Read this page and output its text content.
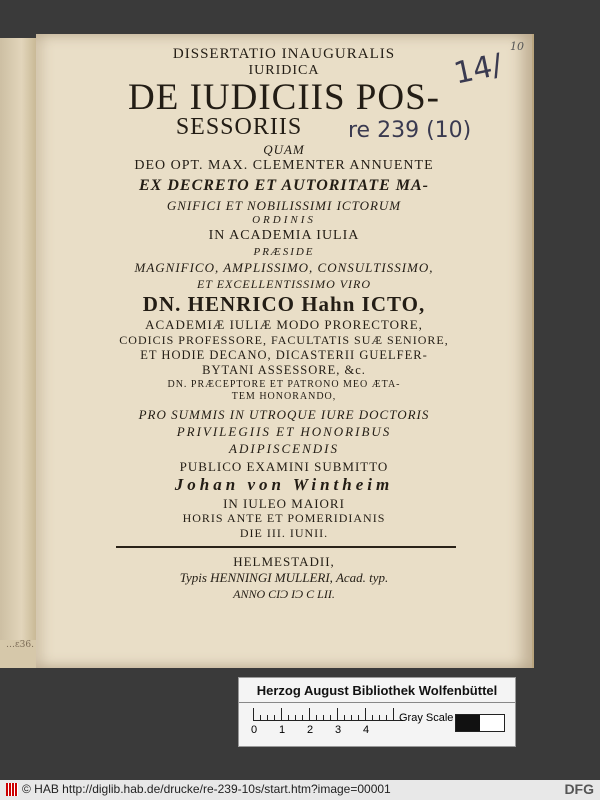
…ε36.
10
14/
re 239 (10)
DISSERTATIO INAUGURALIS
IURIDICA
DE IUDICIIS POS-
SESSORIIS
QUAM
DEO OPT. MAX. CLEMENTER ANNUENTE
EX DECRETO ET AUTORITATE MA-
GNIFICI ET NOBILISSIMI ICTORUM
ORDINIS
IN ACADEMIA IULIA
PRÆSIDE
MAGNIFICO, AMPLISSIMO, CONSULTISSIMO,
ET EXCELLENTISSIMO VIRO
DN. HENRICO Hahn ICTO,
ACADEMIÆ IULIÆ MODO PRORECTORE,
CODICIS PROFESSORE, FACULTATIS SUÆ SENIORE,
ET HODIE DECANO, DICASTERII GUELFER-
BYTANI ASSESSORE, &c.
DN. PRÆCEPTORE ET PATRONO MEO ÆTA-
TEM HONORANDO,
PRO SUMMIS IN UTROQUE IURE DOCTORIS
PRIVILEGIIS ET HONORIBUS
ADIPISCENDIS
PUBLICO EXAMINI SUBMITTO
Johan von Wintheim
IN IULEO MAIORI
HORIS ANTE ET POMERIDIANIS
DIE III. IUNII.
HELMESTADII,
Typis HENNINGI MULLERI, Acad. typ.
ANNO CIϽ IϽ C LII.
Herzog August Bibliothek Wolfenbüttel
0 1 2 3 4
Gray Scale
© HAB http://diglib.hab.de/drucke/re-239-10s/start.htm?image=00001	DFG
